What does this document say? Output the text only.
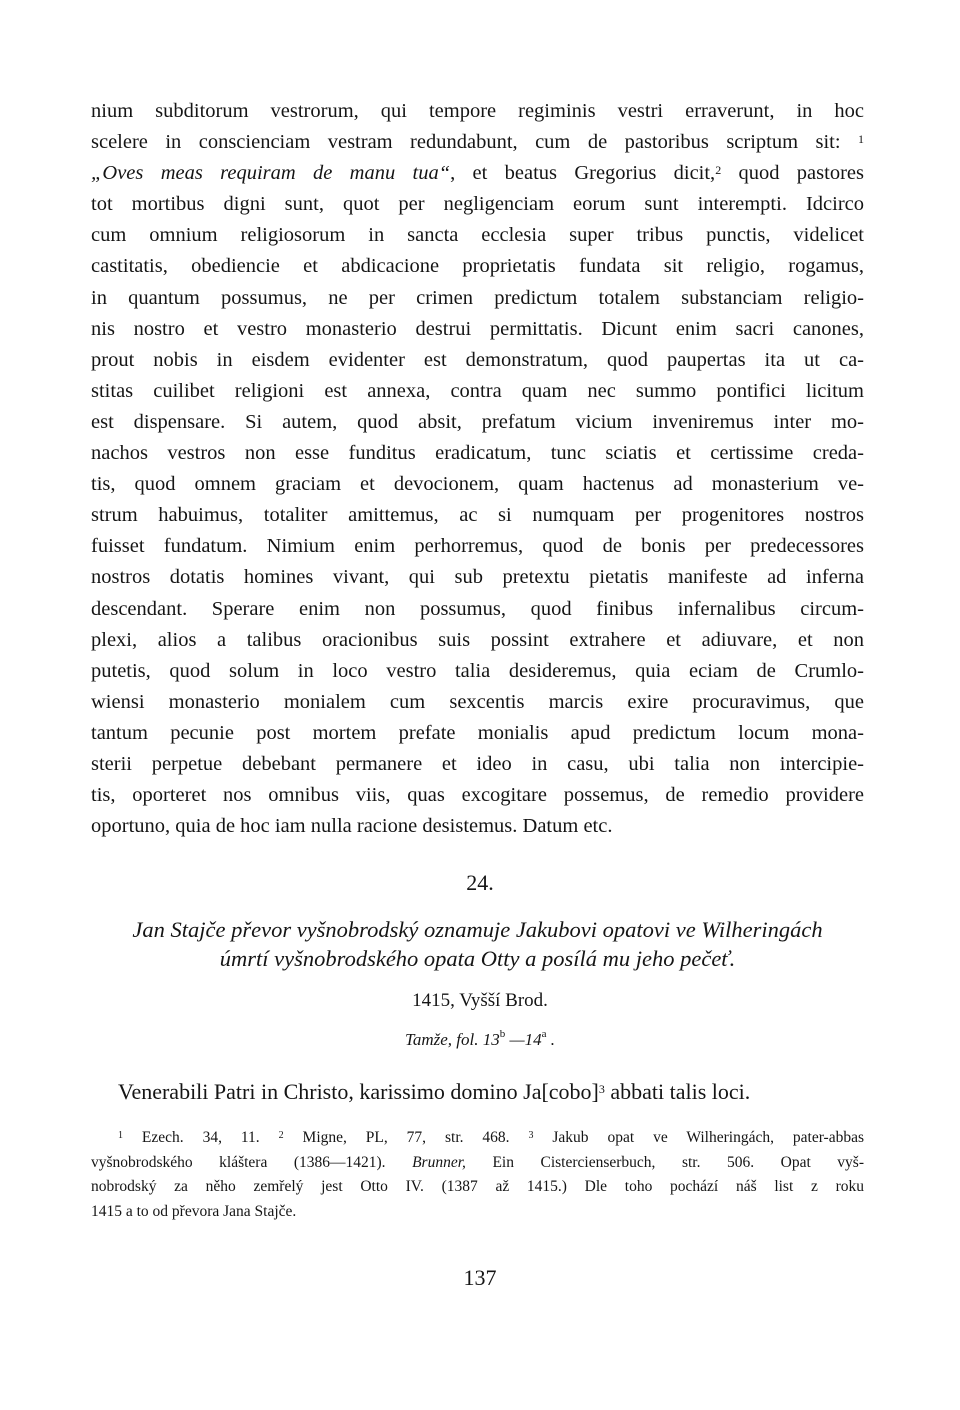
nium subditorum vestrorum, qui tempore regiminis vestri erraverunt, in hoc
scelere in conscienciam vestram redundabunt, cum de pastoribus scriptum sit: $^1$
„Oves meas requiram de manu tua“, et beatus Gregorius dicit,$^2$ quod pastores
tot mortibus digni sunt, quot per negligenciam eorum sunt interempti. Idcirco
cum omnium religiosorum in sancta ecclesia super tribus punctis, videlicet
castitatis, obediencie et abdicacione proprietatis fundata sit religio, rogamus,
in quantum possumus, ne per crimen predictum totalem substanciam religio-
nis nostro et vestro monasterio destrui permittatis. Dicunt enim sacri canones,
prout nobis in eisdem evidenter est demonstratum, quod paupertas ita ut ca-
stitas cuilibet religioni est annexa, contra quam nec summo pontifici licitum
est dispensare. Si autem, quod absit, prefatum vicium inveniremus inter mo-
nachos vestros non esse funditus eradicatum, tunc sciatis et certissime creda-
tis, quod omnem graciam et devocionem, quam hactenus ad monasterium ve-
strum habuimus, totaliter amittemus, ac si numquam per progenitores nostros
fuisset fundatum. Nimium enim perhorremus, quod de bonis per predecessores
nostros dotatis homines vivant, qui sub pretextu pietatis manifeste ad inferna
descendant. Sperare enim non possumus, quod finibus infernalibus circum-
plexi, alios a talibus oracionibus suis possint extrahere et adiuvare, et non
putetis, quod solum in loco vestro talia desideremus, quia eciam de Crumlo-
wiensi monasterio monialem cum sexcentis marcis exire procuravimus, que
tantum pecunie post mortem prefate monialis apud predictum locum mona-
sterii perpetue debebant permanere et ideo in casu, ubi talia non intercipie-
tis, oporteret nos omnibus viis, quas excogitare possemus, de remedio providere
oportuno, quia de hoc iam nulla racione desistemus. Datum etc.
24.
Jan Stajče převor vyšnobrodský oznamuje Jakubovi opatovi ve Wilheringách
úmrtí vyšnobrodského opata Otty a posílá mu jeho pečeť.
1415, Vyšší Brod.
Tamže, fol. 13$^b$ —14$^a$ .
Venerabili Patri in Christo, karissimo domino Ja[cobo]$^3$ abbati talis loci.
$^1$ Ezech. 34, 11. $^2$ Migne, PL, 77, str. 468. $^3$ Jakub opat ve Wilheringách, pater-abbas
vyšnobrodského kláštera (1386—1421). Brunner, Ein Cistercienserbuch, str. 506. Opat vyš-
nobrodský za něho zemřelý jest Otto IV. (1387 až 1415.) Dle toho pochází náš list z roku
1415 a to od převora Jana Stajče.
137
